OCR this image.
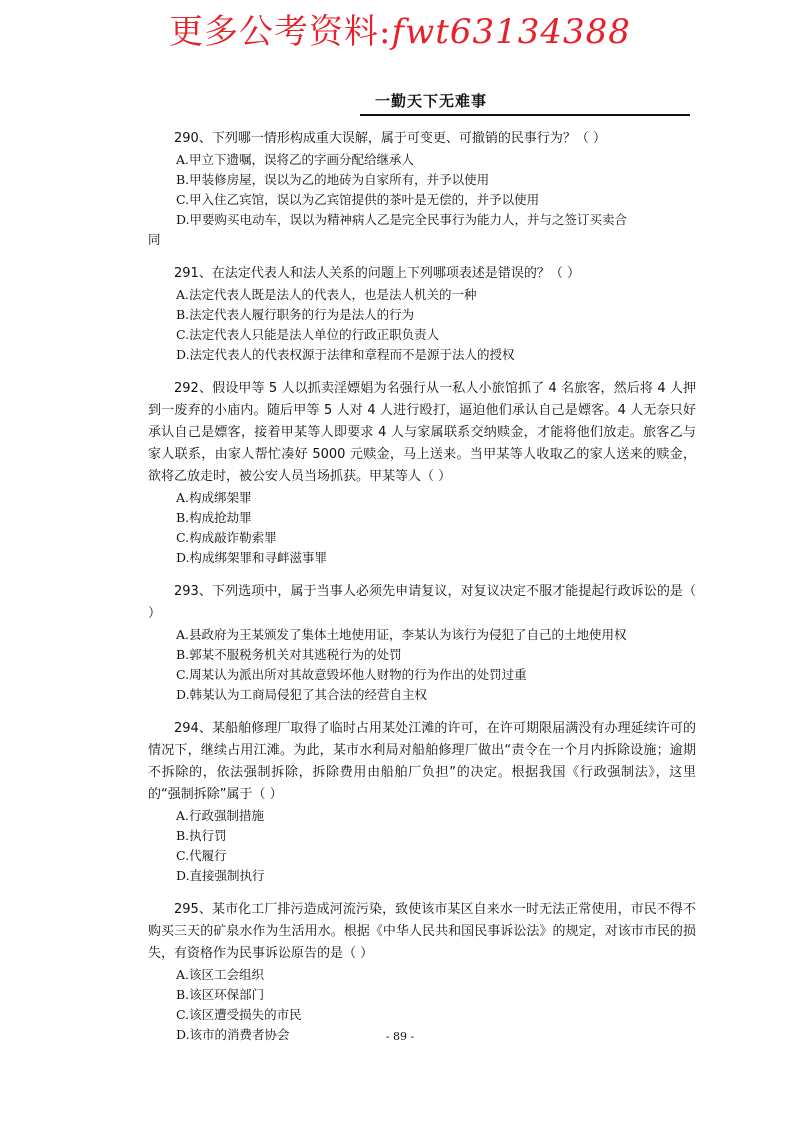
更多公考资料:fwt63134388
一勤天下无难事

290、下列哪一情形构成重大误解，属于可变更、可撤销的民事行为？（ ）

A.甲立下遗嘱，误将乙的字画分配给继承人

B.甲装修房屋，误以为乙的地砖为自家所有，并予以使用

C.甲入住乙宾馆，误以为乙宾馆提供的茶叶是无偿的，并予以使用

D.甲要购买电动车，误以为精神病人乙是完全民事行为能力人，并与之签订买卖合

同

291、在法定代表人和法人关系的问题上下列哪项表述是错误的？（ ）

A.法定代表人既是法人的代表人，也是法人机关的一种

B.法定代表人履行职务的行为是法人的行为

C.法定代表人只能是法人单位的行政正职负责人

D.法定代表人的代表权源于法律和章程而不是源于法人的授权

292、假设甲等 5 人以抓卖淫嫖娼为名强行从一私人小旅馆抓了 4 名旅客，然后将 4 人押到一废弃的小庙内。随后甲等 5 人对 4 人进行殴打，逼迫他们承认自己是嫖客。4 人无奈只好承认自己是嫖客，接着甲某等人即要求 4 人与家属联系交纳赎金，才能将他们放走。旅客乙与家人联系，由家人帮忙凑好 5000 元赎金，马上送来。当甲某等人收取乙的家人送来的赎金，欲将乙放走时，被公安人员当场抓获。甲某等人（ ）

A.构成绑架罪

B.构成抢劫罪

C.构成敲诈勒索罪

D.构成绑架罪和寻衅滋事罪

293、下列选项中，属于当事人必须先申请复议，对复议决定不服才能提起行政诉讼的是（ ）

A.县政府为王某颁发了集体土地使用证，李某认为该行为侵犯了自己的土地使用权

B.郭某不服税务机关对其逃税行为的处罚

C.周某认为派出所对其故意毁坏他人财物的行为作出的处罚过重

D.韩某认为工商局侵犯了其合法的经营自主权

294、某船舶修理厂取得了临时占用某处江滩的许可，在许可期限届满没有办理延续许可的情况下，继续占用江滩。为此，某市水利局对船舶修理厂做出“责令在一个月内拆除设施；逾期不拆除的，依法强制拆除，拆除费用由船舶厂负担”的决定。根据我国《行政强制法》，这里的“强制拆除”属于（ ）

A.行政强制措施

B.执行罚

C.代履行

D.直接强制执行

295、某市化工厂排污造成河流污染，致使该市某区自来水一时无法正常使用，市民不得不购买三天的矿泉水作为生活用水。根据《中华人民共和国民事诉讼法》的规定，对该市市民的损失，有资格作为民事诉讼原告的是（ ）

A.该区工会组织

B.该区环保部门

C.该区遭受损失的市民

D.该市的消费者协会	- 89 -
